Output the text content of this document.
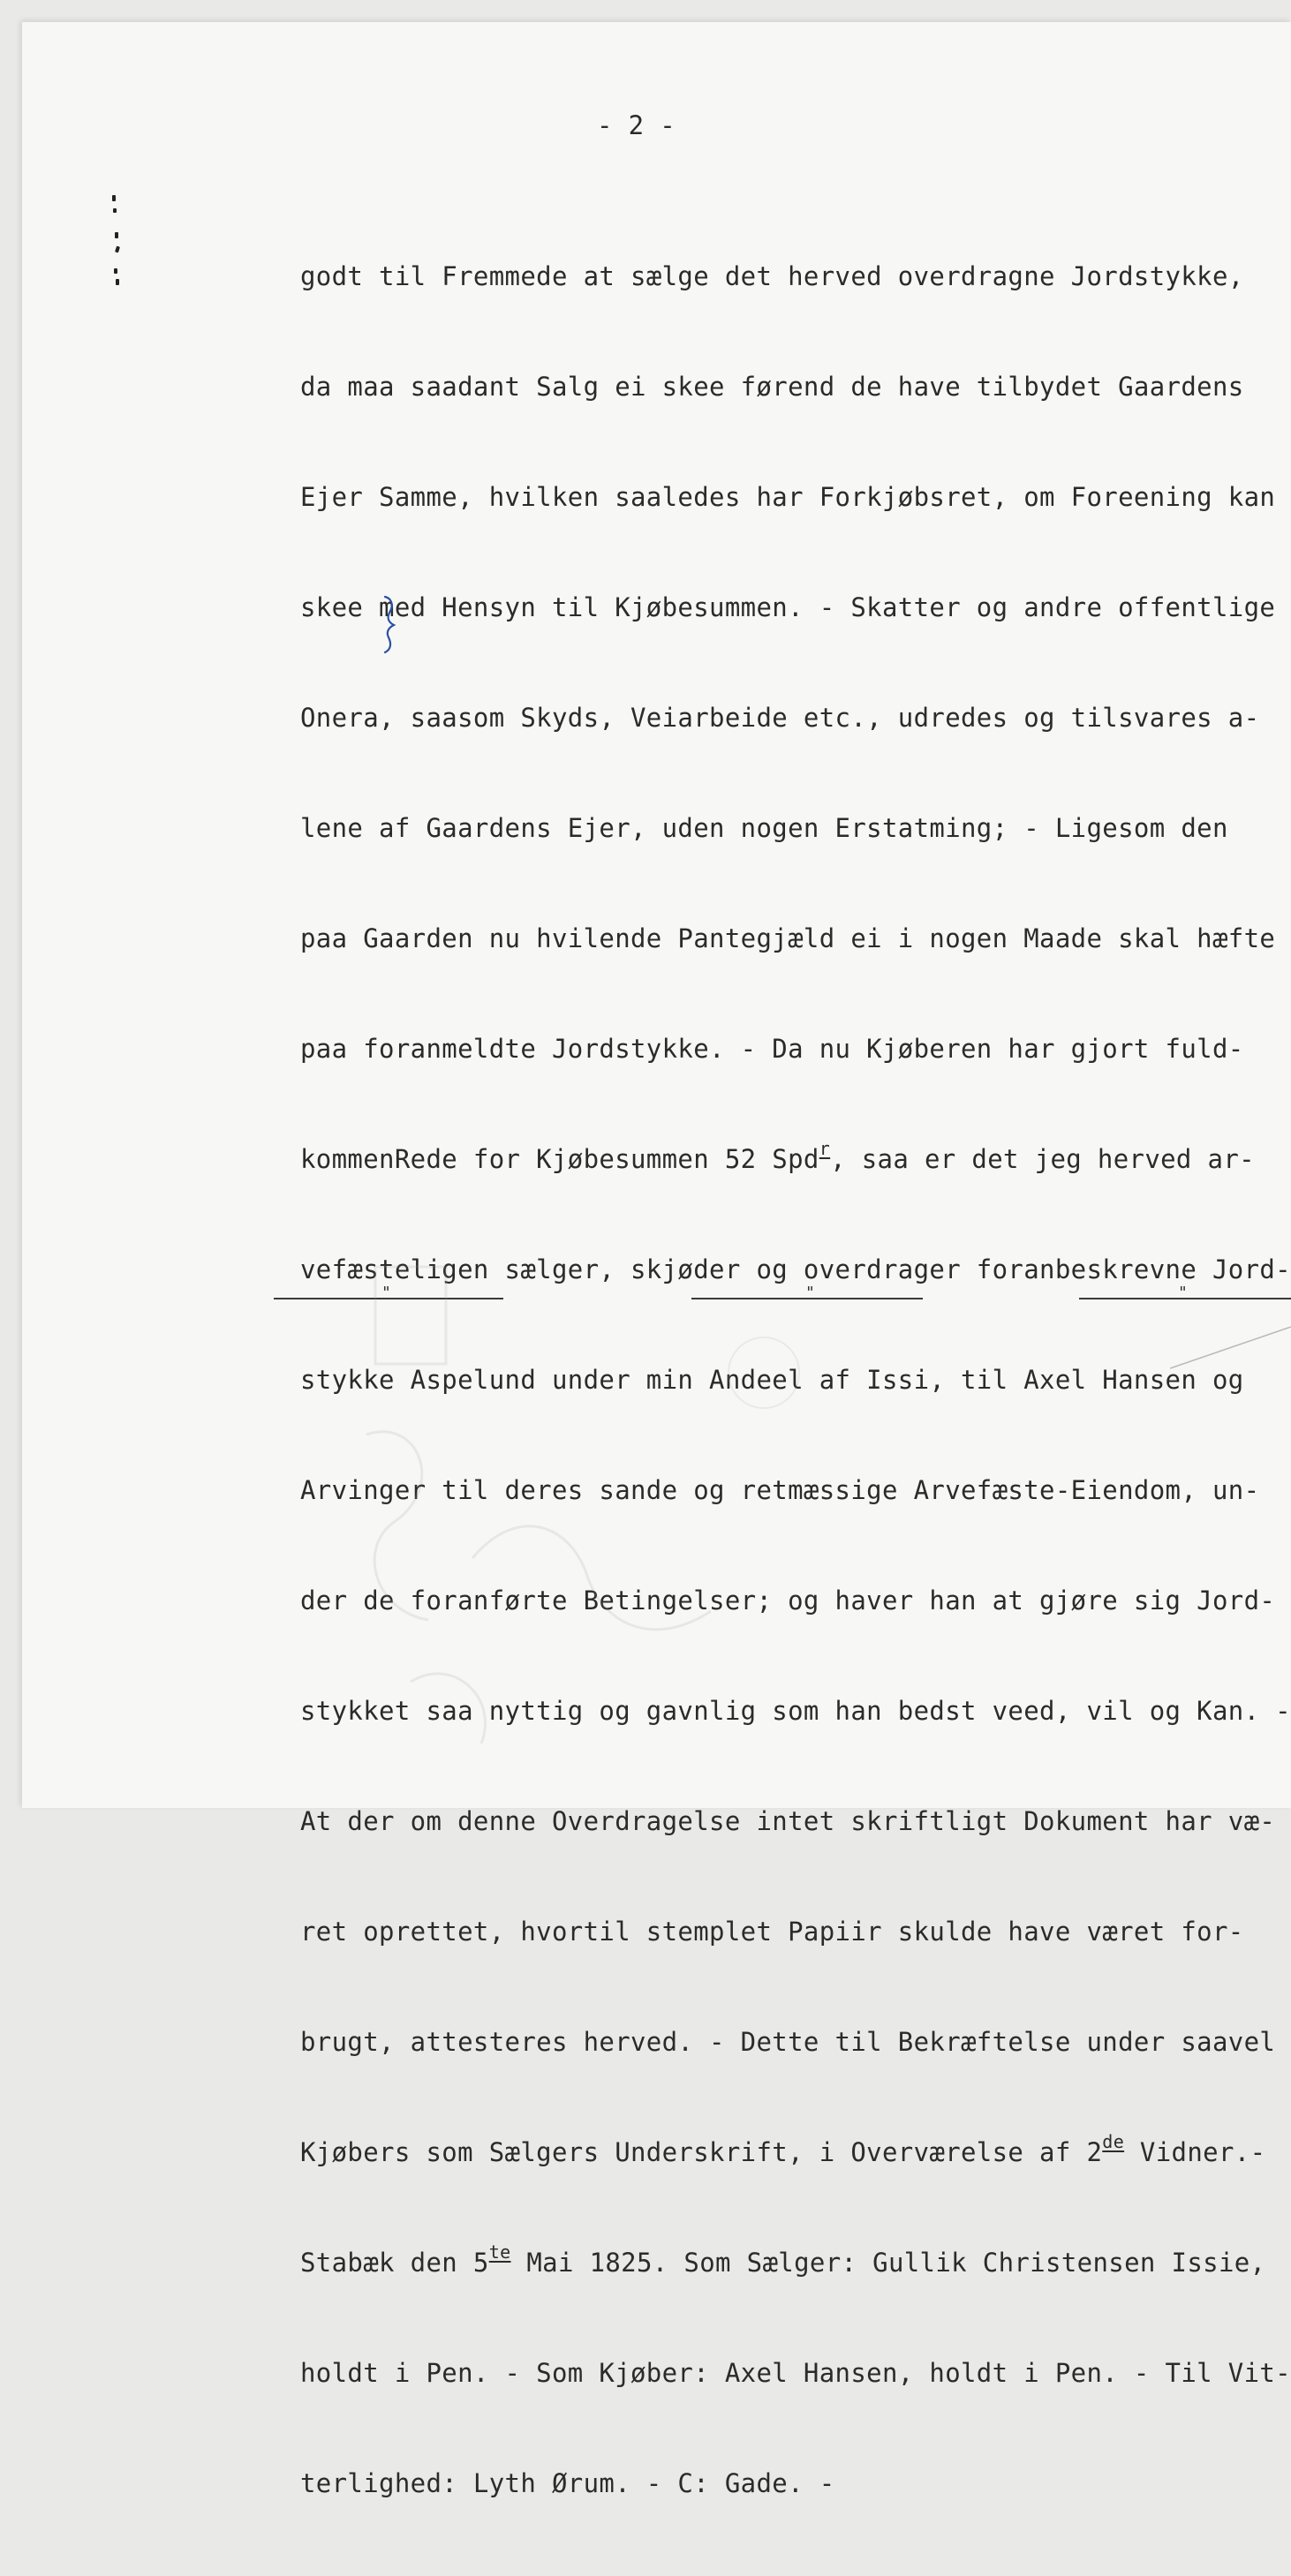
- 2 -

godt til Fremmede at sælge det herved overdragne Jordstykke,

da maa saadant Salg ei skee førend de have tilbydet Gaardens

Ejer Samme, hvilken saaledes har Forkjøbsret, om Foreening kan

skee med Hensyn til Kjøbesummen. - Skatter og andre offentlige

Onera, saasom Skyds, Veiarbeide etc., udredes og tilsvares a-

lene af Gaardens Ejer, uden nogen Erstatming; - Ligesom den

paa Gaarden nu hvilende Pantegjæld ei i nogen Maade skal hæfte

paa foranmeldte Jordstykke. - Da nu Kjøberen har gjort fuld-

kommenRede for Kjøbesummen 52 Spd$^r$, saa er det jeg herved ar-

vefæsteligen sælger, skjøder og overdrager foranbeskrevne Jord-

stykke Aspelund under min Andeel af Issi, til Axel Hansen og

Arvinger til deres sande og retmæssige Arvefæste-Eiendom, un-

der de foranførte Betingelser; og haver han at gjøre sig Jord-

stykket saa nyttig og gavnlig som han bedst veed, vil og Kan. -

At der om denne Overdragelse intet skriftligt Dokument har væ-

ret oprettet, hvortil stemplet Papiir skulde have været for-

brugt, attesteres herved. - Dette til Bekræftelse under saavel

Kjøbers som Sælgers Underskrift, i Overværelse af 2de Vidner.-

Stabæk den $5^{te}$ Mai 1825. Som Sælger: Gullik Christensen Issie,

holdt i Pen. - Som Kjøber: Axel Hansen, holdt i Pen. - Til Vit-

terlighed: Lyth Ørum. - C: Gade. -

"	"	"
